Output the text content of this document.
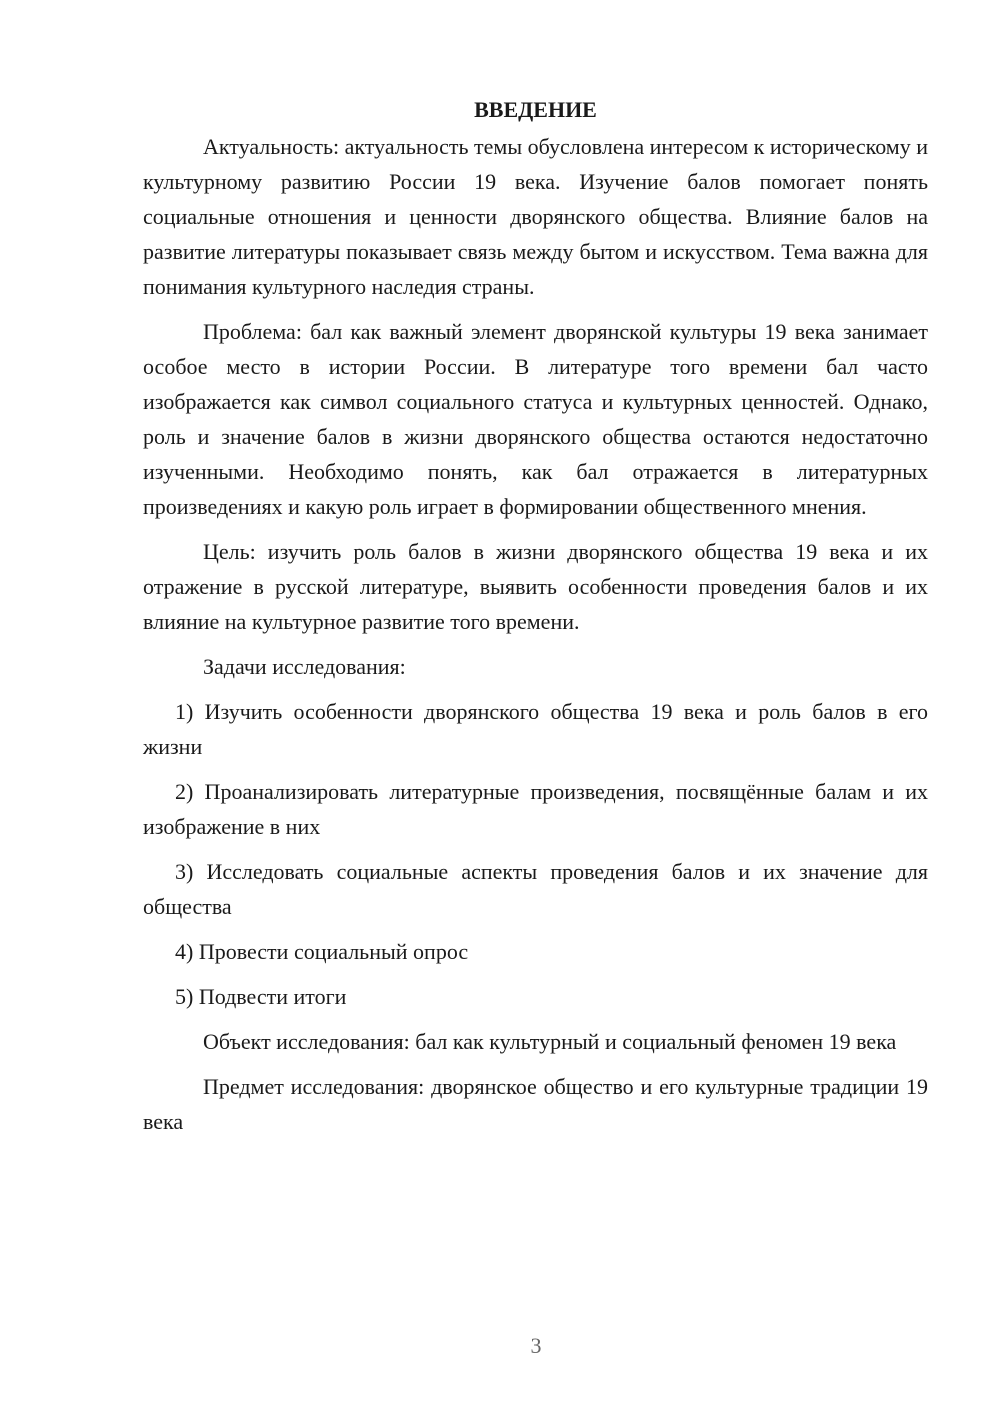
ВВЕДЕНИЕ

Актуальность: актуальность темы обусловлена интересом к историческому и культурному развитию России 19 века. Изучение балов помогает понять социальные отношения и ценности дворянского общества. Влияние балов на развитие литературы показывает связь между бытом и искусством. Тема важна для понимания культурного наследия страны.

Проблема: бал как важный элемент дворянской культуры 19 века занимает особое место в истории России. В литературе того времени бал часто изображается как символ социального статуса и культурных ценностей. Однако, роль и значение балов в жизни дворянского общества остаются недостаточно изученными. Необходимо понять, как бал отражается в литературных произведениях и какую роль играет в формировании общественного мнения.

Цель: изучить роль балов в жизни дворянского общества 19 века и их отражение в русской литературе, выявить особенности проведения балов и их влияние на культурное развитие того времени.

Задачи исследования:

1) Изучить особенности дворянского общества 19 века и роль балов в его жизни

2) Проанализировать литературные произведения, посвящённые балам и их изображение в них

3) Исследовать социальные аспекты проведения балов и их значение для общества

4) Провести социальный опрос

5) Подвести итоги

Объект исследования: бал как культурный и социальный феномен 19 века

Предмет исследования: дворянское общество и его культурные традиции 19 века

3
